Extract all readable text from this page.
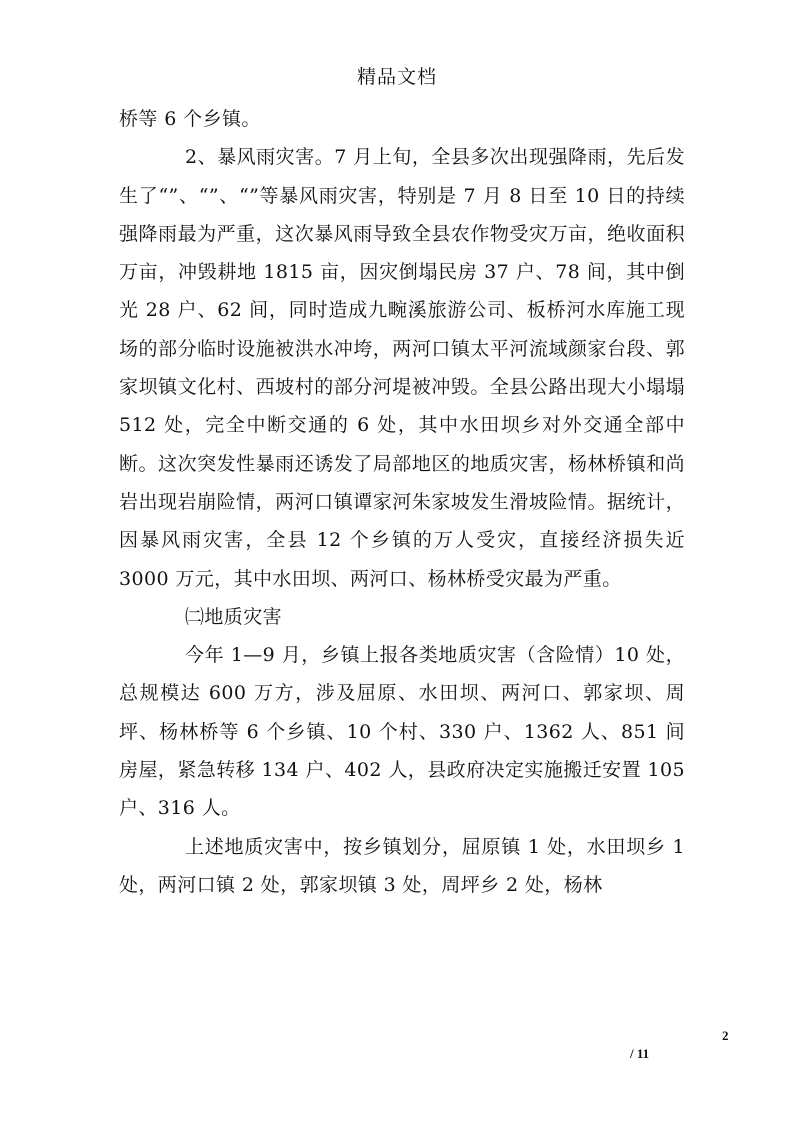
精品文档

桥等 6 个乡镇。

2、暴风雨灾害。7 月上旬，全县多次出现强降雨，先后发生了“”、“”、“”等暴风雨灾害，特别是 7 月 8 日至 10 日的持续强降雨最为严重，这次暴风雨导致全县农作物受灾万亩，绝收面积万亩，冲毁耕地 1815 亩，因灾倒塌民房 37 户、78 间，其中倒光 28 户、62 间，同时造成九畹溪旅游公司、板桥河水库施工现场的部分临时设施被洪水冲垮，两河口镇太平河流域颜家台段、郭家坝镇文化村、西坡村的部分河堤被冲毁。全县公路出现大小塌塌 512 处，完全中断交通的 6 处，其中水田坝乡对外交通全部中断。这次突发性暴雨还诱发了局部地区的地质灾害，杨林桥镇和尚岩出现岩崩险情，两河口镇谭家河朱家坡发生滑坡险情。据统计，因暴风雨灾害，全县 12 个乡镇的万人受灾，直接经济损失近 3000 万元，其中水田坝、两河口、杨林桥受灾最为严重。

㈡地质灾害

今年 1—9 月，乡镇上报各类地质灾害（含险情）10 处，总规模达 600 万方，涉及屈原、水田坝、两河口、郭家坝、周坪、杨林桥等 6 个乡镇、10 个村、330 户、1362 人、851 间房屋，紧急转移 134 户、402 人，县政府决定实施搬迁安置 105 户、316 人。

上述地质灾害中，按乡镇划分，屈原镇 1 处，水田坝乡 1 处，两河口镇 2 处，郭家坝镇 3 处，周坪乡 2 处，杨林

2
/ 11
